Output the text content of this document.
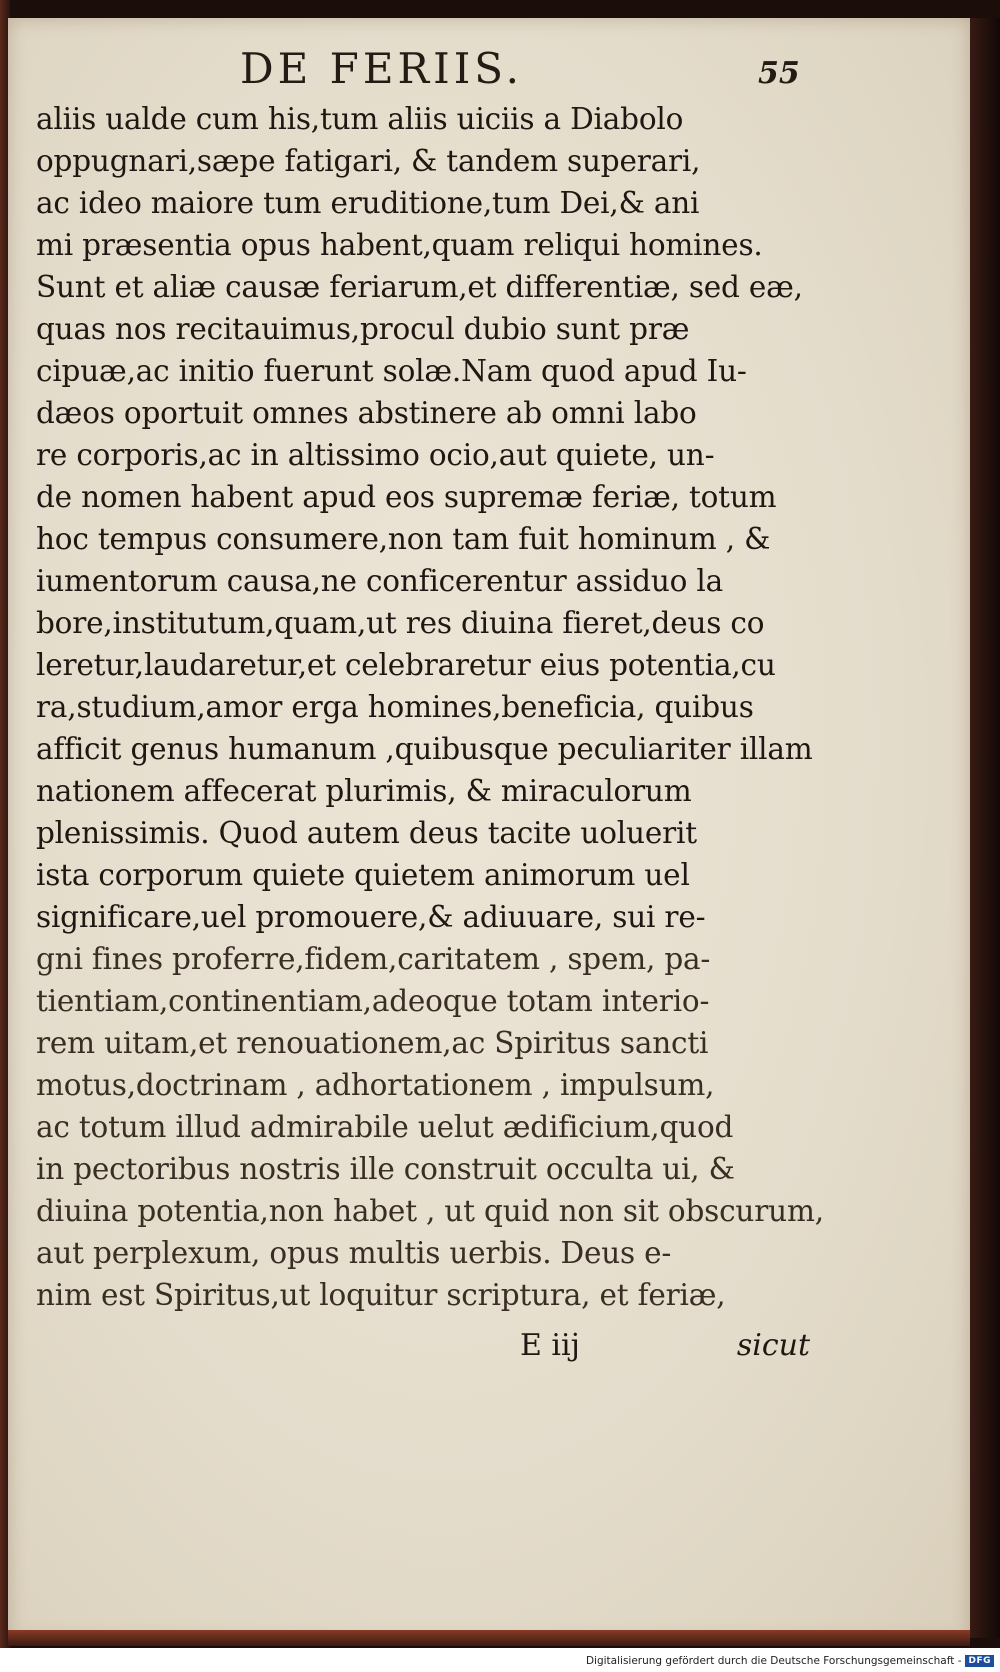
DE FERIIS.	55
aliis ualde cum his,tum aliis uiciis a Diabolo
oppugnari,sæpe fatigari, & tandem superari,
ac ideo maiore tum eruditione,tum Dei,& ani
mi præsentia opus habent,quam reliqui homines.
Sunt et aliæ causæ feriarum,et differentiæ, sed eæ,
quas nos recitauimus,procul dubio sunt præ
cipuæ,ac initio fuerunt solæ.Nam quod apud Iu-
dæos oportuit omnes abstinere ab omni labo
re corporis,ac in altissimo ocio,aut quiete, un-
de nomen habent apud eos supremæ feriæ, totum
hoc tempus consumere,non tam fuit hominum , &
iumentorum causa,ne conficerentur assiduo la
bore,institutum,quam,ut res diuina fieret,deus co
leretur,laudaretur,et celebraretur eius potentia,cu
ra,studium,amor erga homines,beneficia, quibus
afficit genus humanum ,quibusque peculiariter illam
nationem affecerat plurimis, & miraculorum
plenissimis. Quod autem deus tacite uoluerit
ista corporum quiete quietem animorum uel
significare,uel promouere,& adiuuare, sui re-
gni fines proferre,fidem,caritatem , spem, pa-
tientiam,continentiam,adeoque totam interio-
rem uitam,et renouationem,ac Spiritus sancti
motus,doctrinam , adhortationem , impulsum,
ac totum illud admirabile uelut ædificium,quod
in pectoribus nostris ille construit occulta ui, &
diuina potentia,non habet , ut quid non sit obscurum,
aut perplexum, opus multis uerbis. Deus e-
nim est Spiritus,ut loquitur scriptura, et feriæ,
E iij	sicut
Digitalisierung gefördert durch die Deutsche Forschungsgemeinschaft - DFG
